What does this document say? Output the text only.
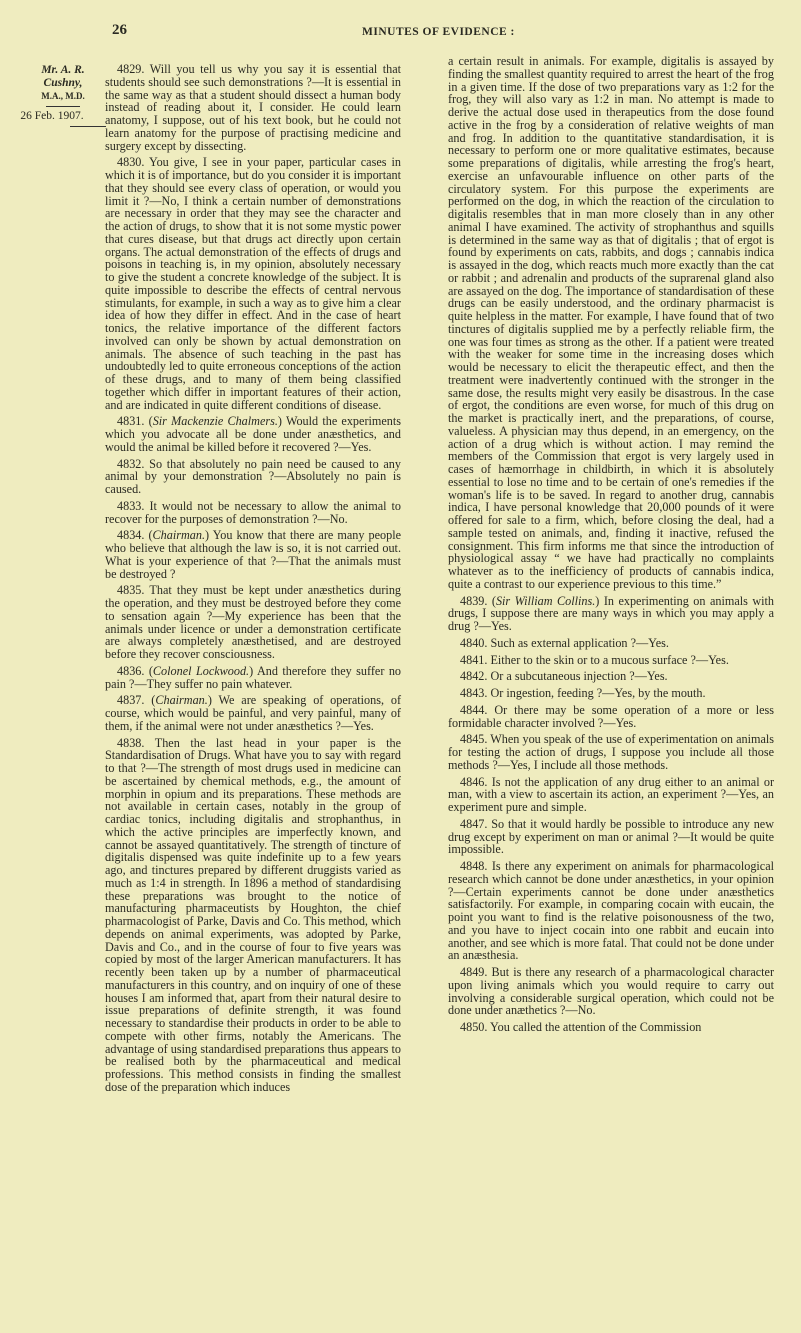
26	MINUTES OF EVIDENCE :
Mr. A. R.
Cushny,
M.A., M.D.
26 Feb. 1907.

4829. Will you tell us why you say it is essential that students should see such demonstrations ?—It is essential in the same way as that a student should dissect a human body instead of reading about it, I consider. He could learn anatomy, I suppose, out of his text book, but he could not learn anatomy for the purpose of practising medicine and surgery except by dissecting.

4830. You give, I see in your paper, particular cases in which it is of importance, but do you consider it is important that they should see every class of operation, or would you limit it ?—No, I think a certain number of demonstrations are necessary in order that they may see the character and the action of drugs, to show that it is not some mystic power that cures disease, but that drugs act directly upon certain organs. The actual demonstration of the effects of drugs and poisons in teaching is, in my opinion, absolutely necessary to give the student a concrete knowledge of the subject. It is quite impossible to describe the effects of central nervous stimulants, for example, in such a way as to give him a clear idea of how they differ in effect. And in the case of heart tonics, the relative importance of the different factors involved can only be shown by actual demonstration on animals. The absence of such teaching in the past has undoubtedly led to quite erroneous conceptions of the action of these drugs, and to many of them being classified together which differ in important features of their action, and are indicated in quite different conditions of disease.

4831. (Sir Mackenzie Chalmers.) Would the experiments which you advocate all be done under anæsthetics, and would the animal be killed before it recovered ?—Yes.

4832. So that absolutely no pain need be caused to any animal by your demonstration ?—Absolutely no pain is caused.

4833. It would not be necessary to allow the animal to recover for the purposes of demonstration ?—No.

4834. (Chairman.) You know that there are many people who believe that although the law is so, it is not carried out. What is your experience of that ?—That the animals must be destroyed ?

4835. That they must be kept under anæsthetics during the operation, and they must be destroyed before they come to sensation again ?—My experience has been that the animals under licence or under a demonstration certificate are always completely anæsthetised, and are destroyed before they recover consciousness.

4836. (Colonel Lockwood.) And therefore they suffer no pain ?—They suffer no pain whatever.

4837. (Chairman.) We are speaking of operations, of course, which would be painful, and very painful, many of them, if the animal were not under anæsthetics ?—Yes.

4838. Then the last head in your paper is the Standardisation of Drugs. What have you to say with regard to that ?—The strength of most drugs used in medicine can be ascertained by chemical methods, e.g., the amount of morphin in opium and its preparations. These methods are not available in certain cases, notably in the group of cardiac tonics, including digitalis and strophanthus, in which the active principles are imperfectly known, and cannot be assayed quantitatively. The strength of tincture of digitalis dispensed was quite indefinite up to a few years ago, and tinctures prepared by different druggists varied as much as 1:4 in strength. In 1896 a method of standardising these preparations was brought to the notice of manufacturing pharmaceutists by Houghton, the chief pharmacologist of Parke, Davis and Co. This method, which depends on animal experiments, was adopted by Parke, Davis and Co., and in the course of four to five years was copied by most of the larger American manufacturers. It has recently been taken up by a number of pharmaceutical manufacturers in this country, and on inquiry of one of these houses I am informed that, apart from their natural desire to issue preparations of definite strength, it was found necessary to standardise their products in order to be able to compete with other firms, notably the Americans. The advantage of using standardised preparations thus appears to be realised both by the pharmaceutical and medical professions. This method consists in finding the smallest dose of the preparation which induces

a certain result in animals. For example, digitalis is assayed by finding the smallest quantity required to arrest the heart of the frog in a given time. If the dose of two preparations vary as 1:2 for the frog, they will also vary as 1:2 in man. No attempt is made to derive the actual dose used in therapeutics from the dose found active in the frog by a consideration of relative weights of man and frog. In addition to the quantitative standardisation, it is necessary to perform one or more qualitative estimates, because some preparations of digitalis, while arresting the frog's heart, exercise an unfavourable influence on other parts of the circulatory system. For this purpose the experiments are performed on the dog, in which the reaction of the circulation to digitalis resembles that in man more closely than in any other animal I have examined. The activity of strophanthus and squills is determined in the same way as that of digitalis ; that of ergot is found by experiments on cats, rabbits, and dogs ; cannabis indica is assayed in the dog, which reacts much more exactly than the cat or rabbit ; and adrenalin and products of the suprarenal gland also are assayed on the dog. The importance of standardisation of these drugs can be easily understood, and the ordinary pharmacist is quite helpless in the matter. For example, I have found that of two tinctures of digitalis supplied me by a perfectly reliable firm, the one was four times as strong as the other. If a patient were treated with the weaker for some time in the increasing doses which would be necessary to elicit the therapeutic effect, and then the treatment were inadvertently continued with the stronger in the same dose, the results might very easily be disastrous. In the case of ergot, the conditions are even worse, for much of this drug on the market is practically inert, and the preparations, of course, valueless. A physician may thus depend, in an emergency, on the action of a drug which is without action. I may remind the members of the Commission that ergot is very largely used in cases of hæmorrhage in childbirth, in which it is absolutely essential to lose no time and to be certain of one's remedies if the woman's life is to be saved. In regard to another drug, cannabis indica, I have personal knowledge that 20,000 pounds of it were offered for sale to a firm, which, before closing the deal, had a sample tested on animals, and, finding it inactive, refused the consignment. This firm informs me that since the introduction of physiological assay “ we have had practically no complaints whatever as to the inefficiency of products of cannabis indica, quite a contrast to our experience previous to this time.”

4839. (Sir William Collins.) In experimenting on animals with drugs, I suppose there are many ways in which you may apply a drug ?—Yes.

4840. Such as external application ?—Yes.

4841. Either to the skin or to a mucous surface ?—Yes.

4842. Or a subcutaneous injection ?—Yes.

4843. Or ingestion, feeding ?—Yes, by the mouth.

4844. Or there may be some operation of a more or less formidable character involved ?—Yes.

4845. When you speak of the use of experimentation on animals for testing the action of drugs, I suppose you include all those methods ?—Yes, I include all those methods.

4846. Is not the application of any drug either to an animal or man, with a view to ascertain its action, an experiment ?—Yes, an experiment pure and simple.

4847. So that it would hardly be possible to introduce any new drug except by experiment on man or animal ?—It would be quite impossible.

4848. Is there any experiment on animals for pharmacological research which cannot be done under anæsthetics, in your opinion ?—Certain experiments cannot be done under anæsthetics satisfactorily. For example, in comparing cocain with eucain, the point you want to find is the relative poisonousness of the two, and you have to inject cocain into one rabbit and eucain into another, and see which is more fatal. That could not be done under an anæsthesia.

4849. But is there any research of a pharmacological character upon living animals which you would require to carry out involving a considerable surgical operation, which could not be done under anæthetics ?—No.

4850. You called the attention of the Commission
